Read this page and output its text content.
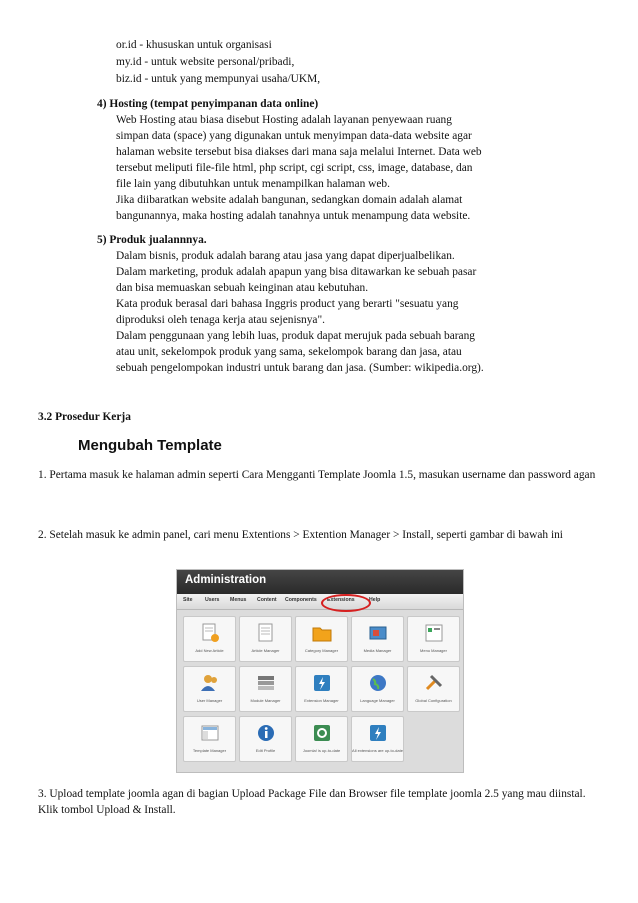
or.id - khususkan untuk organisasi
my.id - untuk website personal/pribadi,
biz.id - untuk yang mempunyai usaha/UKM,
4) Hosting (tempat penyimpanan data online)
Web Hosting atau biasa disebut Hosting adalah layanan penyewaan ruang
simpan data (space) yang digunakan untuk menyimpan data-data website agar
halaman website tersebut bisa diakses dari mana saja melalui Internet. Data web
tersebut meliputi file-file html, php script, cgi script, css, image, database, dan
file lain yang dibutuhkan untuk menampilkan halaman web.
Jika diibaratkan website adalah bangunan, sedangkan domain adalah alamat
bangunannya, maka hosting adalah tanahnya untuk menampung data website.
5) Produk jualannnya.
Dalam bisnis, produk adalah barang atau jasa yang dapat diperjualbelikan.
Dalam marketing, produk adalah apapun yang bisa ditawarkan ke sebuah pasar
dan bisa memuaskan sebuah keinginan atau kebutuhan.
Kata produk berasal dari bahasa Inggris product yang berarti "sesuatu yang
diproduksi oleh tenaga kerja atau sejenisnya".
Dalam penggunaan yang lebih luas, produk dapat merujuk pada sebuah barang
atau unit, sekelompok produk yang sama, sekelompok barang dan jasa, atau
sebuah pengelompokan industri untuk barang dan jasa. (Sumber: wikipedia.org).
3.2 Prosedur Kerja
Mengubah Template
1. Pertama masuk ke halaman admin seperti Cara Mengganti Template Joomla 1.5, masukan username dan password agan
2. Setelah masuk ke admin panel, cari menu Extentions > Extention Manager > Install, seperti gambar di bawah ini
Administration
Site Users Menus Content Components Extensions	Help
Add New Article	Article Manager	Category Manager	Media Manager	Menu Manager
User Manager	Module Manager	Extension Manager	Language Manager	Global Configuration
Template Manager	Edit Profile	Joomla! is up-to-date	All extensions are up-to-date
3. Upload template joomla agan di bagian Upload Package File dan Browser file template joomla 2.5 yang mau diinstal. Klik tombol Upload & Install.
